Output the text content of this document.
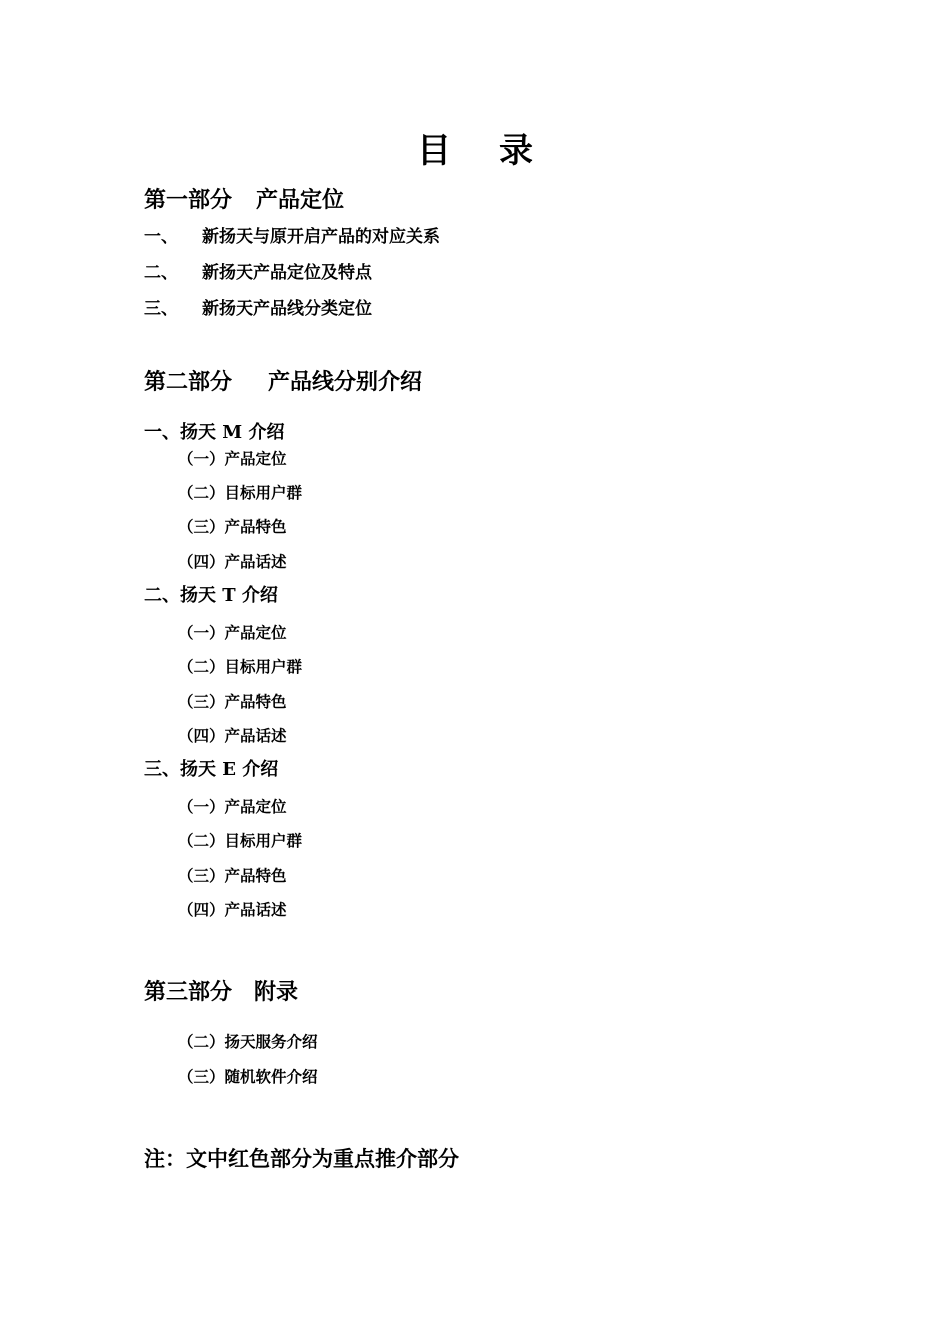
目 录
第一部分 产品定位
一、 新扬天与原开启产品的对应关系
二、 新扬天产品定位及特点
三、 新扬天产品线分类定位
第二部分 产品线分别介绍
一、扬天 M 介绍
（一）产品定位
（二）目标用户群
（三）产品特色
（四）产品话述
二、扬天 T 介绍
（一）产品定位
（二）目标用户群
（三）产品特色
（四）产品话述
三、扬天 E 介绍
（一）产品定位
（二）目标用户群
（三）产品特色
（四）产品话述
第三部分 附录
（二）扬天服务介绍
（三）随机软件介绍
注：文中红色部分为重点推介部分
